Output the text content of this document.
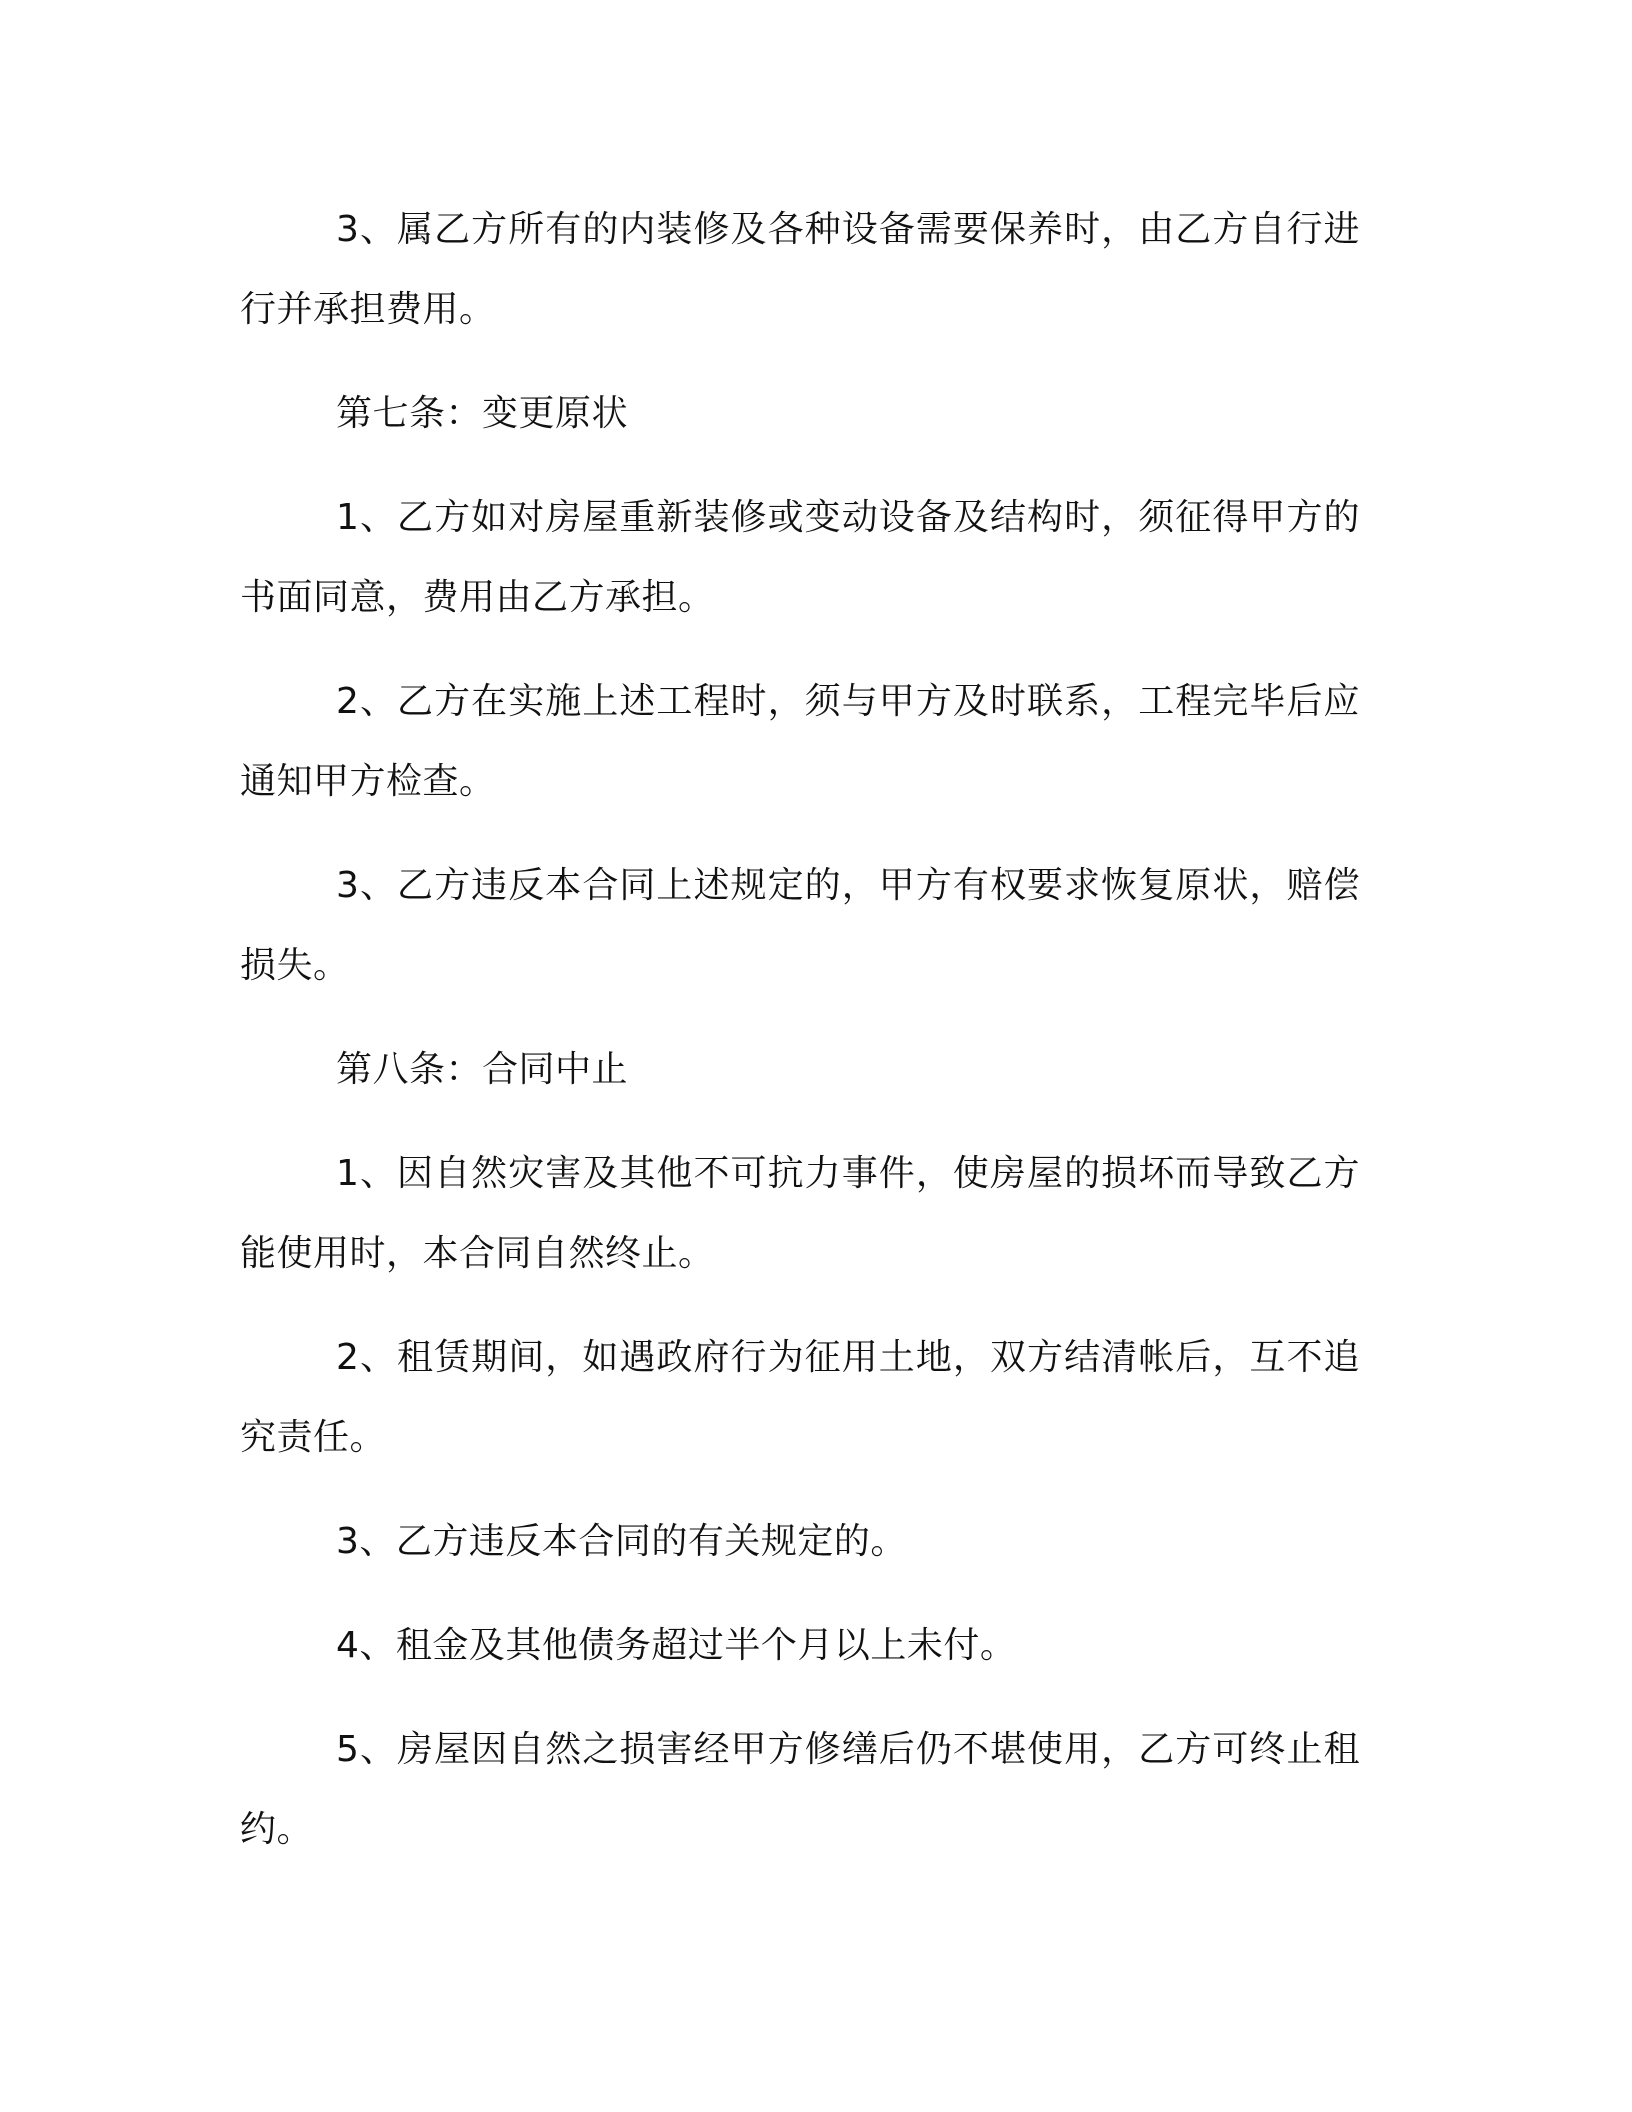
3、属乙方所有的内装修及各种设备需要保养时，由乙方自行进行并承担费用。

第七条：变更原状

1、乙方如对房屋重新装修或变动设备及结构时，须征得甲方的书面同意，费用由乙方承担。

2、乙方在实施上述工程时，须与甲方及时联系，工程完毕后应通知甲方检查。

3、乙方违反本合同上述规定的，甲方有权要求恢复原状，赔偿损失。

第八条：合同中止

1、因自然灾害及其他不可抗力事件，使房屋的损坏而导致乙方能使用时，本合同自然终止。

2、租赁期间，如遇政府行为征用土地，双方结清帐后，互不追究责任。

3、乙方违反本合同的有关规定的。

4、租金及其他债务超过半个月以上未付。

5、房屋因自然之损害经甲方修缮后仍不堪使用，乙方可终止租约。
